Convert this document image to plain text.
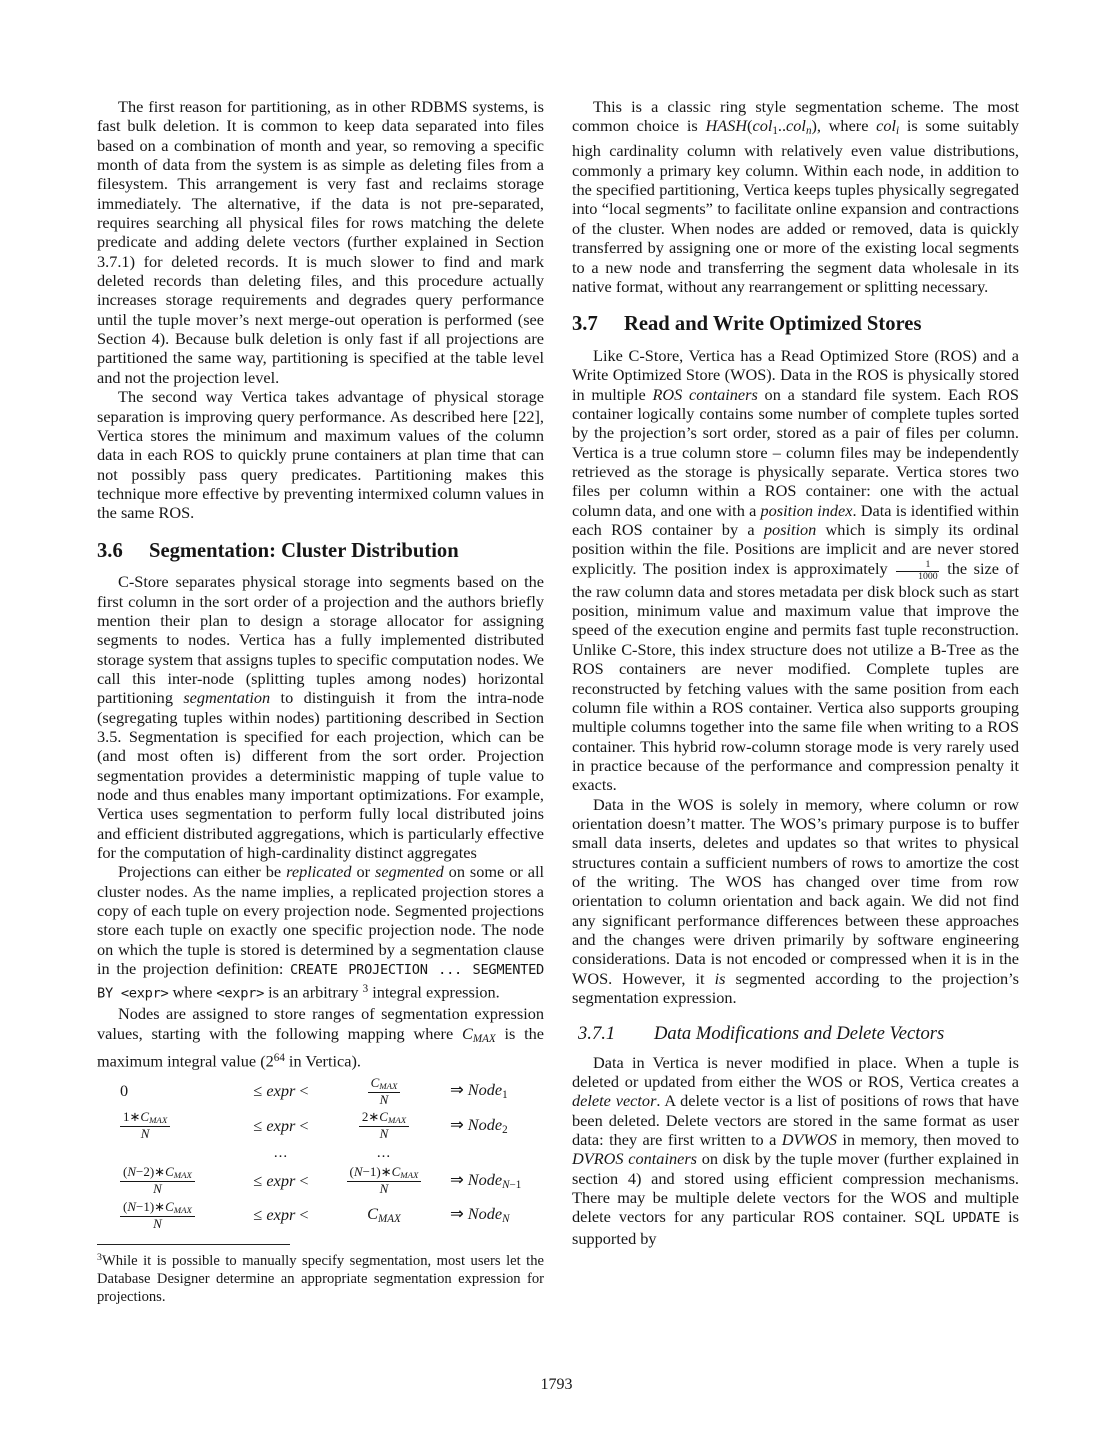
The first reason for partitioning, as in other RDBMS systems, is fast bulk deletion. It is common to keep data separated into files based on a combination of month and year, so removing a specific month of data from the system is as simple as deleting files from a filesystem. This arrangement is very fast and reclaims storage immediately. The alternative, if the data is not pre-separated, requires searching all physical files for rows matching the delete predicate and adding delete vectors (further explained in Section 3.7.1) for deleted records. It is much slower to find and mark deleted records than deleting files, and this procedure actually increases storage requirements and degrades query performance until the tuple mover’s next merge-out operation is performed (see Section 4). Because bulk deletion is only fast if all projections are partitioned the same way, partitioning is specified at the table level and not the projection level.

The second way Vertica takes advantage of physical storage separation is improving query performance. As described here [22], Vertica stores the minimum and maximum values of the column data in each ROS to quickly prune containers at plan time that can not possibly pass query predicates. Partitioning makes this technique more effective by preventing intermixed column values in the same ROS.

3.6 Segmentation: Cluster Distribution

C-Store separates physical storage into segments based on the first column in the sort order of a projection and the authors briefly mention their plan to design a storage allocator for assigning segments to nodes. Vertica has a fully implemented distributed storage system that assigns tuples to specific computation nodes. We call this inter-node (splitting tuples among nodes) horizontal partitioning segmentation to distinguish it from the intra-node (segregating tuples within nodes) partitioning described in Section 3.5. Segmentation is specified for each projection, which can be (and most often is) different from the sort order. Projection segmentation provides a deterministic mapping of tuple value to node and thus enables many important optimizations. For example, Vertica uses segmentation to perform fully local distributed joins and efficient distributed aggregations, which is particularly effective for the computation of high-cardinality distinct aggregates

Projections can either be replicated or segmented on some or all cluster nodes. As the name implies, a replicated projection stores a copy of each tuple on every projection node. Segmented projections store each tuple on exactly one specific projection node. The node on which the tuple is stored is determined by a segmentation clause in the projection definition: CREATE PROJECTION ... SEGMENTED BY <expr> where <expr> is an arbitrary $^3$ integral expression.

Nodes are assigned to store ranges of segmentation expression values, starting with the following mapping where CMAX is the maximum integral value ($2^{64}$ in Vertica).

0	≤ expr <	$\frac{\text{CMAX}}{N}$	⇒ Node1
$\frac{\text{1∗CMAX}}{N}$	≤ expr <	$\frac{\text{2∗CMAX}}{N}$	⇒ Node2
...	...
$\frac{\text{(N−2)∗CMAX}}{N}$	≤ expr <	$\frac{\text{(N−1)∗CMAX}}{N}$ ⇒ NodeN−1
$\frac{\text{(N−1)∗CMAX}}{N}$	≤ expr <	CMAX	⇒ NodeN

$^3$While it is possible to manually specify segmentation, most users let the Database Designer determine an appropriate segmentation expression for projections.

This is a classic ring style segmentation scheme. The most common choice is HASH(col1..coln), where coli is some suitably high cardinality column with relatively even value distributions, commonly a primary key column. Within each node, in addition to the specified partitioning, Vertica keeps tuples physically segregated into “local segments” to facilitate online expansion and contractions of the cluster. When nodes are added or removed, data is quickly transferred by assigning one or more of the existing local segments to a new node and transferring the segment data wholesale in its native format, without any rearrangement or splitting necessary.

3.7 Read and Write Optimized Stores

Like C-Store, Vertica has a Read Optimized Store (ROS) and a Write Optimized Store (WOS). Data in the ROS is physically stored in multiple ROS containers on a standard file system. Each ROS container logically contains some number of complete tuples sorted by the projection’s sort order, stored as a pair of files per column. Vertica is a true column store – column files may be independently retrieved as the storage is physically separate. Vertica stores two files per column within a ROS container: one with the actual column data, and one with a position index. Data is identified within each ROS container by a position which is simply its ordinal position within the file. Positions are implicit and are never stored explicitly. The position index is approximately $\frac{1}{1000}$ the size of the raw column data and stores metadata per disk block such as start position, minimum value and maximum value that improve the speed of the execution engine and permits fast tuple reconstruction. Unlike C-Store, this index structure does not utilize a B-Tree as the ROS containers are never modified. Complete tuples are reconstructed by fetching values with the same position from each column file within a ROS container. Vertica also supports grouping multiple columns together into the same file when writing to a ROS container. This hybrid row-column storage mode is very rarely used in practice because of the performance and compression penalty it exacts.

Data in the WOS is solely in memory, where column or row orientation doesn’t matter. The WOS’s primary purpose is to buffer small data inserts, deletes and updates so that writes to physical structures contain a sufficient numbers of rows to amortize the cost of the writing. The WOS has changed over time from row orientation to column orientation and back again. We did not find any significant performance differences between these approaches and the changes were driven primarily by software engineering considerations. Data is not encoded or compressed when it is in the WOS. However, it is segmented according to the projection’s segmentation expression.

3.7.1 Data Modifications and Delete Vectors

Data in Vertica is never modified in place. When a tuple is deleted or updated from either the WOS or ROS, Vertica creates a delete vector. A delete vector is a list of positions of rows that have been deleted. Delete vectors are stored in the same format as user data: they are first written to a DVWOS in memory, then moved to DVROS containers on disk by the tuple mover (further explained in section 4) and stored using efficient compression mechanisms. There may be multiple delete vectors for the WOS and multiple delete vectors for any particular ROS container. SQL UPDATE is supported by

1793
